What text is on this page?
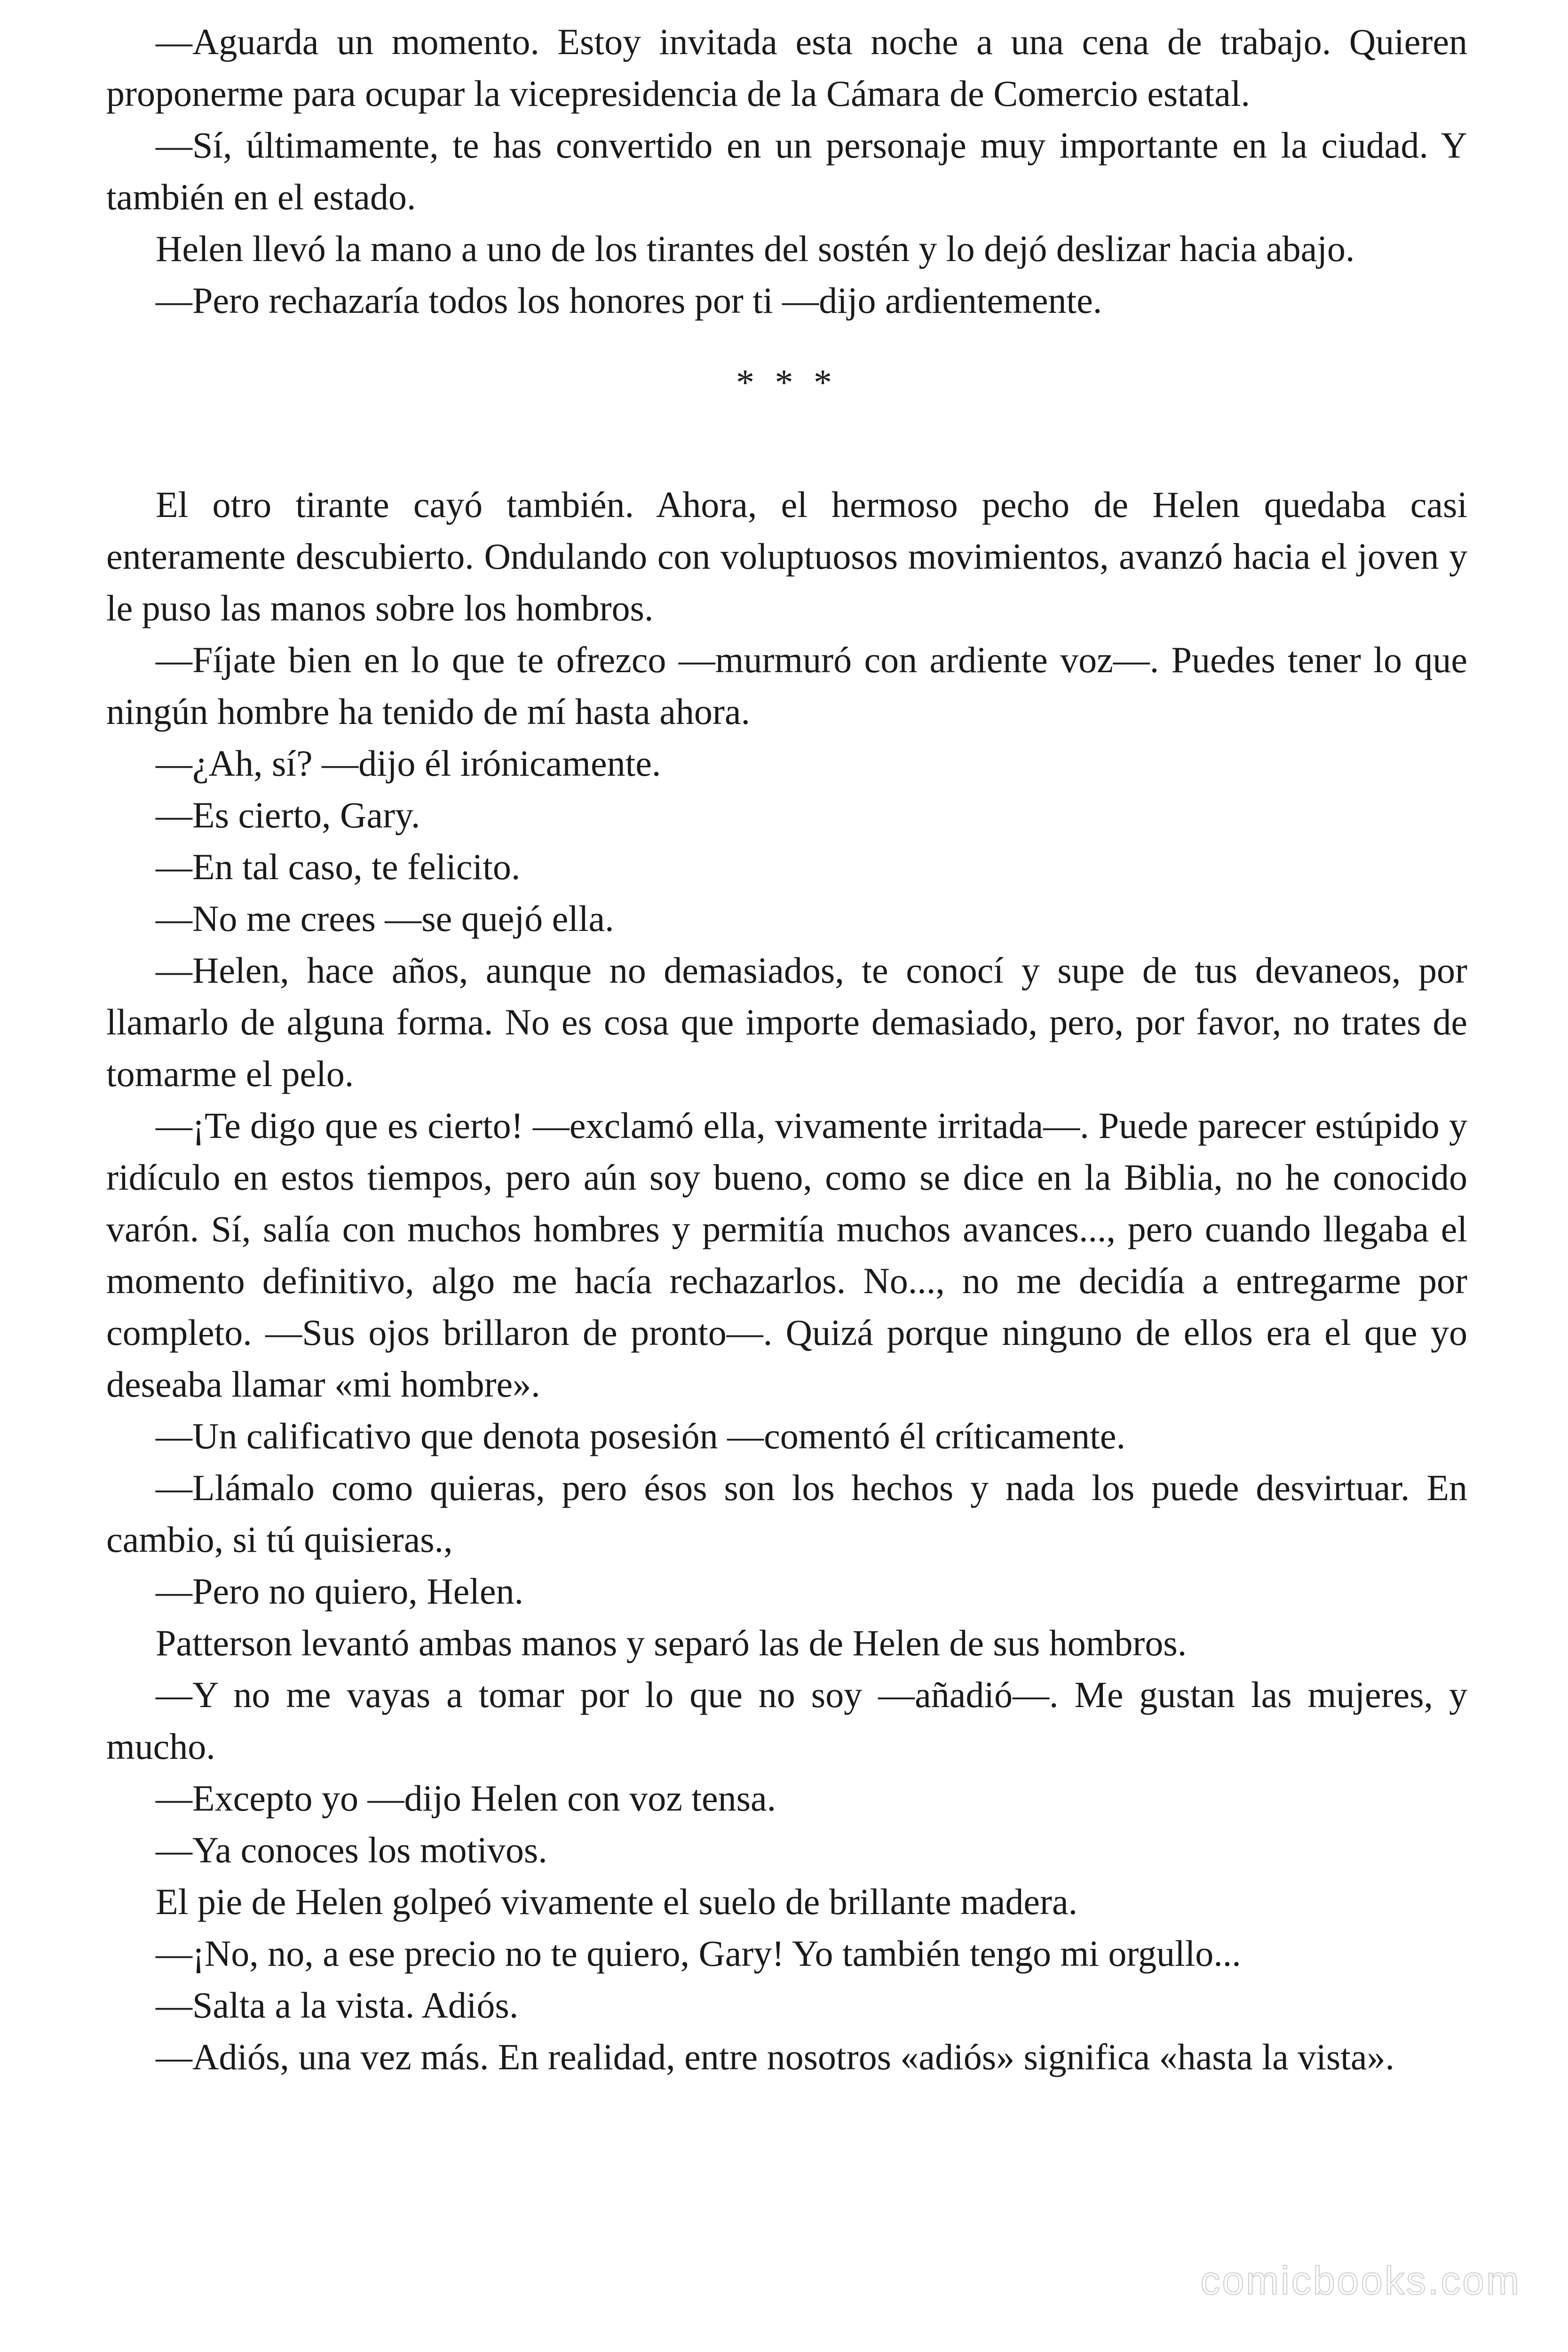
—Aguarda un momento. Estoy invitada esta noche a una cena de trabajo. Quieren proponerme para ocupar la vicepresidencia de la Cámara de Comercio estatal.

—Sí, últimamente, te has convertido en un personaje muy importante en la ciudad. Y también en el estado.

Helen llevó la mano a uno de los tirantes del sostén y lo dejó deslizar hacia abajo.

—Pero rechazaría todos los honores por ti —dijo ardientemente.

* * *

El otro tirante cayó también. Ahora, el hermoso pecho de Helen quedaba casi enteramente descubierto. Ondulando con voluptuosos movimientos, avanzó hacia el joven y le puso las manos sobre los hombros.

—Fíjate bien en lo que te ofrezco —murmuró con ardiente voz—. Puedes tener lo que ningún hombre ha tenido de mí hasta ahora.

—¿Ah, sí? —dijo él irónicamente.

—Es cierto, Gary.

—En tal caso, te felicito.

—No me crees —se quejó ella.

—Helen, hace años, aunque no demasiados, te conocí y supe de tus devaneos, por llamarlo de alguna forma. No es cosa que importe demasiado, pero, por favor, no trates de tomarme el pelo.

—¡Te digo que es cierto! —exclamó ella, vivamente irritada—. Puede parecer estúpido y ridículo en estos tiempos, pero aún soy bueno, como se dice en la Biblia, no he conocido varón. Sí, salía con muchos hombres y permitía muchos avances..., pero cuando llegaba el momento definitivo, algo me hacía rechazarlos. No..., no me decidía a entregarme por completo. —Sus ojos brillaron de pronto—. Quizá porque ninguno de ellos era el que yo deseaba llamar «mi hombre».

—Un calificativo que denota posesión —comentó él críticamente.

—Llámalo como quieras, pero ésos son los hechos y nada los puede desvirtuar. En cambio, si tú quisieras.,

—Pero no quiero, Helen.

Patterson levantó ambas manos y separó las de Helen de sus hombros.

—Y no me vayas a tomar por lo que no soy —añadió—. Me gustan las mujeres, y mucho.

—Excepto yo —dijo Helen con voz tensa.

—Ya conoces los motivos.

El pie de Helen golpeó vivamente el suelo de brillante madera.

—¡No, no, a ese precio no te quiero, Gary! Yo también tengo mi orgullo...

—Salta a la vista. Adiós.

—Adiós, una vez más. En realidad, entre nosotros «adiós» significa «hasta la vista».

comicbooks.com
